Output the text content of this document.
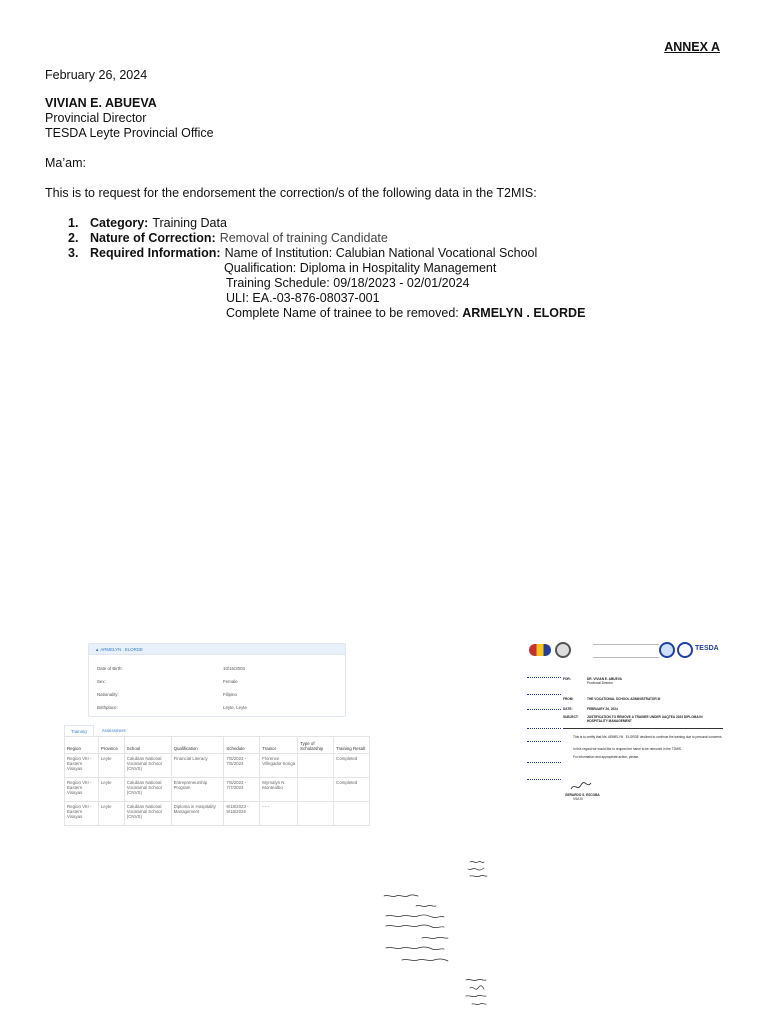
ANNEX A
February 26, 2024
VIVIAN E. ABUEVA
Provincial Director
TESDA Leyte Provincial Office
Ma’am:
This is to request for the endorsement the correction/s of the following data in the T2MIS:
1. Category: Training Data
2. Nature of Correction: Removal of training Candidate
3. Required Information: Name of Institution: Calubian National Vocational School
Qualification: Diploma in Hospitality Management
Training Schedule: 09/18/2023 - 02/01/2024
ULI: EA.-03-876-08037-001
Complete Name of trainee to be removed: ARMELYN . ELORDE
▲ ARMELYN . ELORDE
Date of Birth:	10/16/2003
Sex:	Female
Nationality:	Filipino
Birthplace:	Leyte, Leyte
Training	Assessment
Region	Province	School	Qualification	Schedule	Trainor	Type of Scholarship	Training Result
Region VIII - Eastern Visayas	Leyte	Calubian National Vocational School (CNVS)	Financial Literacy	7/5/2023 - 7/5/2023	Florence Villegador Itoriga		Completed
Region VIII - Eastern Visayas	Leyte	Calubian National Vocational School (CNVS)	Entrepreneurship Program	7/6/2023 - 7/7/2023	Myrnalyn N. Montealbo		Completed
Region VIII - Eastern Visayas	Leyte	Calubian National Vocational School (CNVS)	Diploma in Hospitality Management	9/18/2023 - 9/18/2026	- - -		
TESDA
FOR:	DR. VIVIAN E. ABUEVA
Provincial Director
FROM:	THE VOCATIONAL SCHOOL ADMINISTRATOR III
DATE:	FEBRUARY 26, 2024
SUBJECT:	JUSTIFICATION TO REMOVE A TRAINEE UNDER UAQTEA 2023 DIPLOMA IN HOSPITALITY MANAGEMENT
This is to certify that Ms. ARMELYN . ELORDE declined to continue the training due to personal concerns.
In this regard we would like to request her name to be removed in the T2MIS.
For information and appropriate action, please.
GERARDO S. ESCOBA
VSA III
